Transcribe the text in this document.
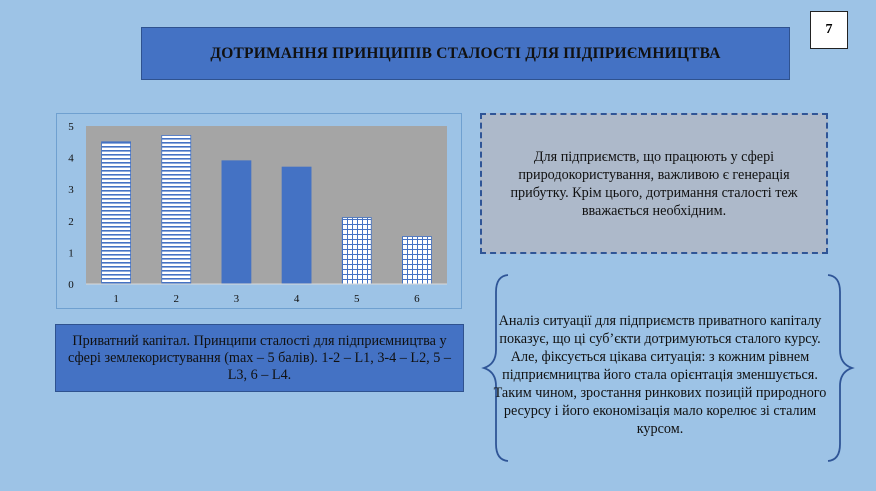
ДОТРИМАННЯ ПРИНЦИПІВ СТАЛОСТІ ДЛЯ ПІДПРИЄМНИЦТВА
7
0
1
2
3
4
5
1	2	3	4	5	6
Приватний капітал. Принципи сталості для підприємництва у сфері землекористування (max – 5 балів). 1-2 – L1, 3-4 – L2, 5 – L3, 6 – L4.
Для підприємств, що працюють у сфері природокористування, важливою є генерація прибутку. Крім цього, дотримання сталості теж вважається необхідним.
Аналіз ситуації для підприємств приватного капіталу показує, що ці суб’єкти дотримуються сталого курсу. Але, фіксується цікава ситуація: з кожним рівнем підприємництва його стала орієнтація зменшується. Таким чином, зростання ринкових позицій природного ресурсу і його економізація мало корелює зі сталим курсом.
